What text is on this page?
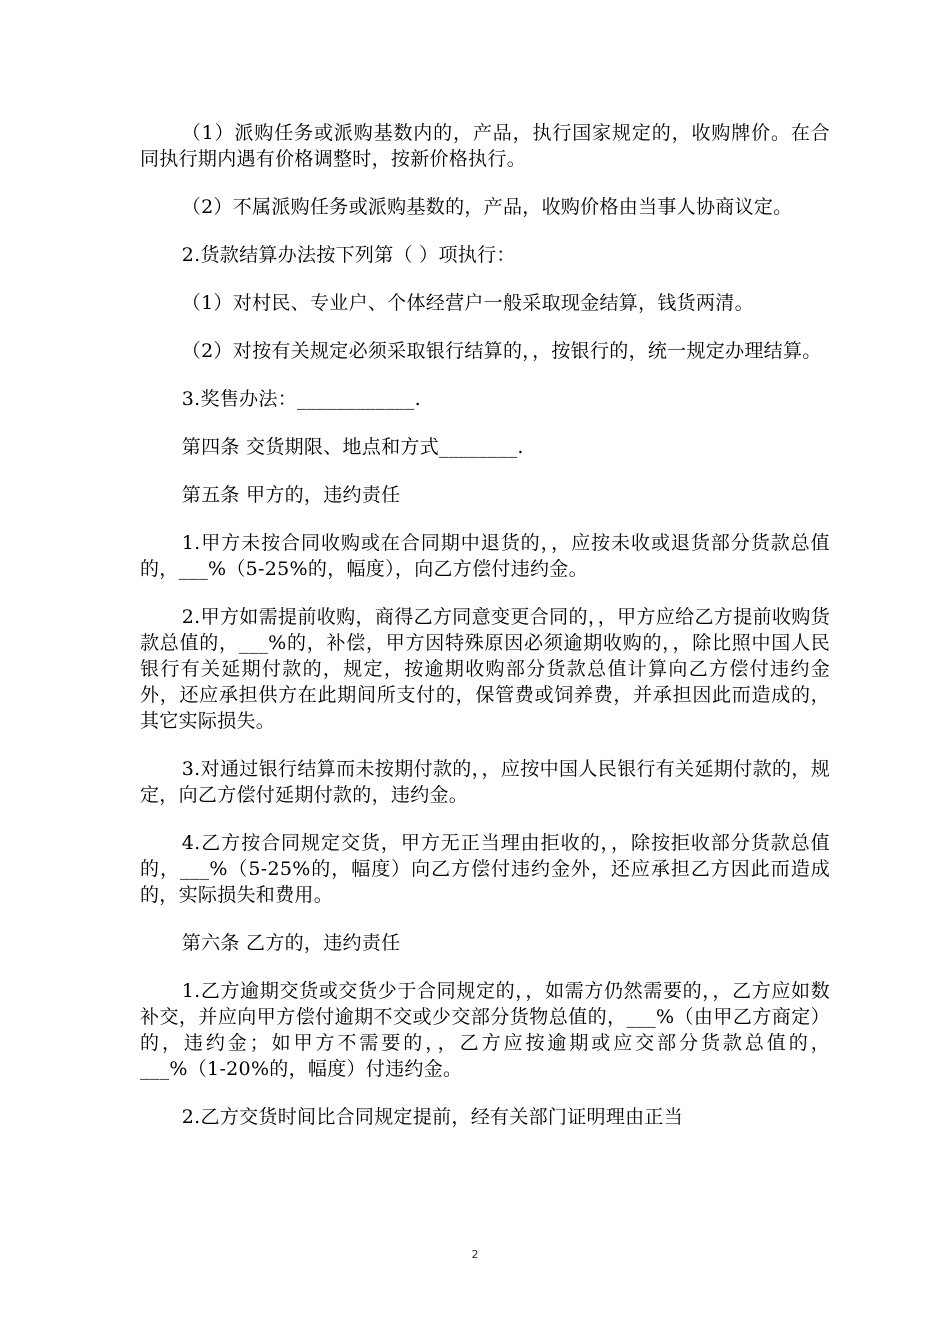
（1）派购任务或派购基数内的，产品，执行国家规定的，收购牌价。在合同执行期内遇有价格调整时，按新价格执行。

（2）不属派购任务或派购基数的，产品，收购价格由当事人协商议定。

2.货款结算办法按下列第（ ）项执行：

（1）对村民、专业户、个体经营户一般采取现金结算，钱货两清。

（2）对按有关规定必须采取银行结算的，，按银行的，统一规定办理结算。

3.奖售办法：____________.

第四条 交货期限、地点和方式________.

第五条 甲方的，违约责任

1.甲方未按合同收购或在合同期中退货的，，应按未收或退货部分货款总值的，___%（5-25%的，幅度），向乙方偿付违约金。

2.甲方如需提前收购，商得乙方同意变更合同的，，甲方应给乙方提前收购货款总值的，___%的，补偿，甲方因特殊原因必须逾期收购的，，除比照中国人民银行有关延期付款的，规定，按逾期收购部分货款总值计算向乙方偿付违约金外，还应承担供方在此期间所支付的，保管费或饲养费，并承担因此而造成的，其它实际损失。

3.对通过银行结算而未按期付款的，，应按中国人民银行有关延期付款的，规定，向乙方偿付延期付款的，违约金。

4.乙方按合同规定交货，甲方无正当理由拒收的，，除按拒收部分货款总值的，___%（5-25%的，幅度）向乙方偿付违约金外，还应承担乙方因此而造成的，实际损失和费用。

第六条 乙方的，违约责任

1.乙方逾期交货或交货少于合同规定的，，如需方仍然需要的，，乙方应如数补交，并应向甲方偿付逾期不交或少交部分货物总值的，___%（由甲乙方商定）的，违约金；如甲方不需要的，，乙方应按逾期或应交部分货款总值的，___%（1-20%的，幅度）付违约金。

2.乙方交货时间比合同规定提前，经有关部门证明理由正当

2
